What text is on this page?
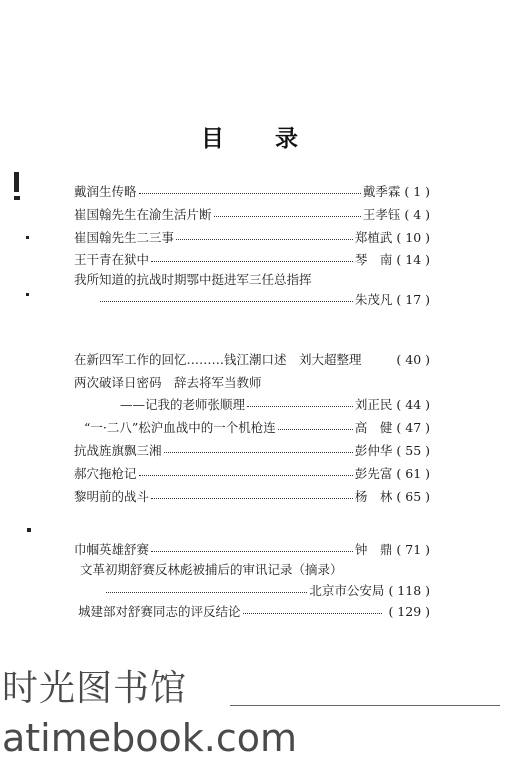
目　录
戴润生传略	戴季霖 ( 1 )
崔国翰先生在渝生活片断	王孝钰 ( 4 )
崔国翰先生二三事	郑植武 ( 10 )
王干青在狱中	琴　南 ( 14 )
我所知道的抗战时期鄂中挺进军三任总指挥
朱茂凡 ( 17 )
在新四军工作的回忆………钱江潮口述　刘大超整理	( 40 )
两次破译日密码　辞去将军当教师
——记我的老师张顺理	刘正民 ( 44 )
“一·二八”松沪血战中的一个机枪连	高　健 ( 47 )
抗战旌旗飘三湘	彭仲华 ( 55 )
郝穴拖枪记	彭先富 ( 61 )
黎明前的战斗	杨　林 ( 65 )
巾帼英雄舒赛	钟　鼎 ( 71 )
文革初期舒赛反林彪被捕后的审讯记录（摘录）
北京市公安局 ( 118 )
城建部对舒赛同志的评反结论	( 129 )
时光图书馆
atimebook.com
